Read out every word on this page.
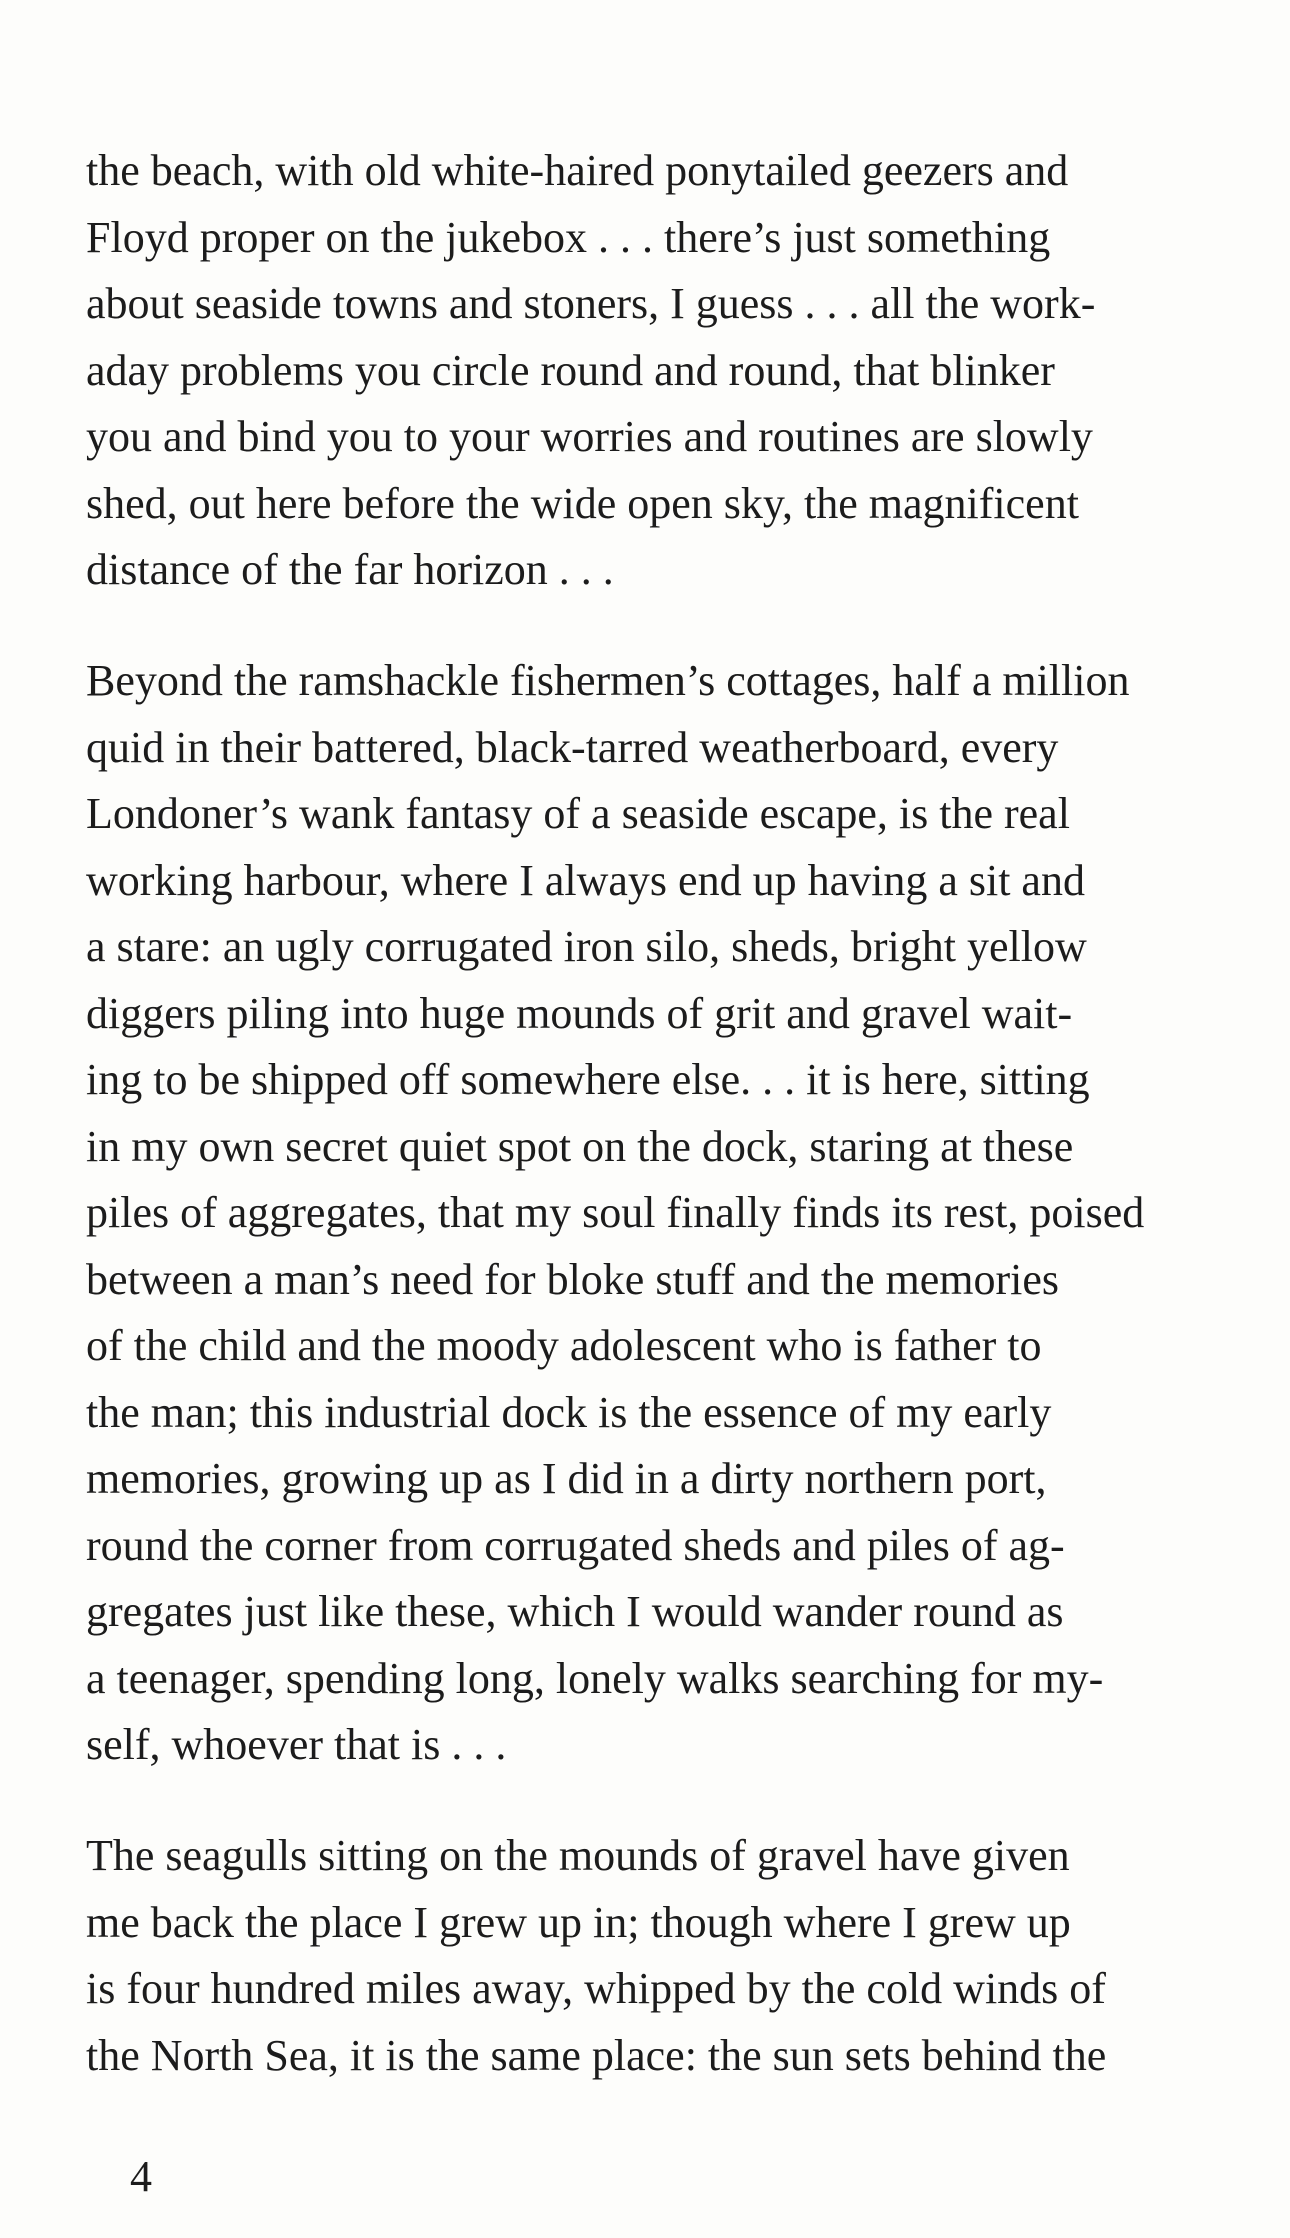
the beach, with old white-haired ponytailed geezers and
Floyd proper on the jukebox . . . there’s just something
about seaside towns and stoners, I guess . . . all the work-
aday problems you circle round and round, that blinker
you and bind you to your worries and routines are slowly
shed, out here before the wide open sky, the magnificent
distance of the far horizon . . .
Beyond the ramshackle fishermen’s cottages, half a million
quid in their battered, black-tarred weatherboard, every
Londoner’s wank fantasy of a seaside escape, is the real
working harbour, where I always end up having a sit and
a stare: an ugly corrugated iron silo, sheds, bright yellow
diggers piling into huge mounds of grit and gravel wait-
ing to be shipped off somewhere else. . . it is here, sitting
in my own secret quiet spot on the dock, staring at these
piles of aggregates, that my soul finally finds its rest, poised
between a man’s need for bloke stuff and the memories
of the child and the moody adolescent who is father to
the man; this industrial dock is the essence of my early
memories, growing up as I did in a dirty northern port,
round the corner from corrugated sheds and piles of ag-
gregates just like these, which I would wander round as
a teenager, spending long, lonely walks searching for my-
self, whoever that is . . .
The seagulls sitting on the mounds of gravel have given
me back the place I grew up in; though where I grew up
is four hundred miles away, whipped by the cold winds of
the North Sea, it is the same place: the sun sets behind the
4
